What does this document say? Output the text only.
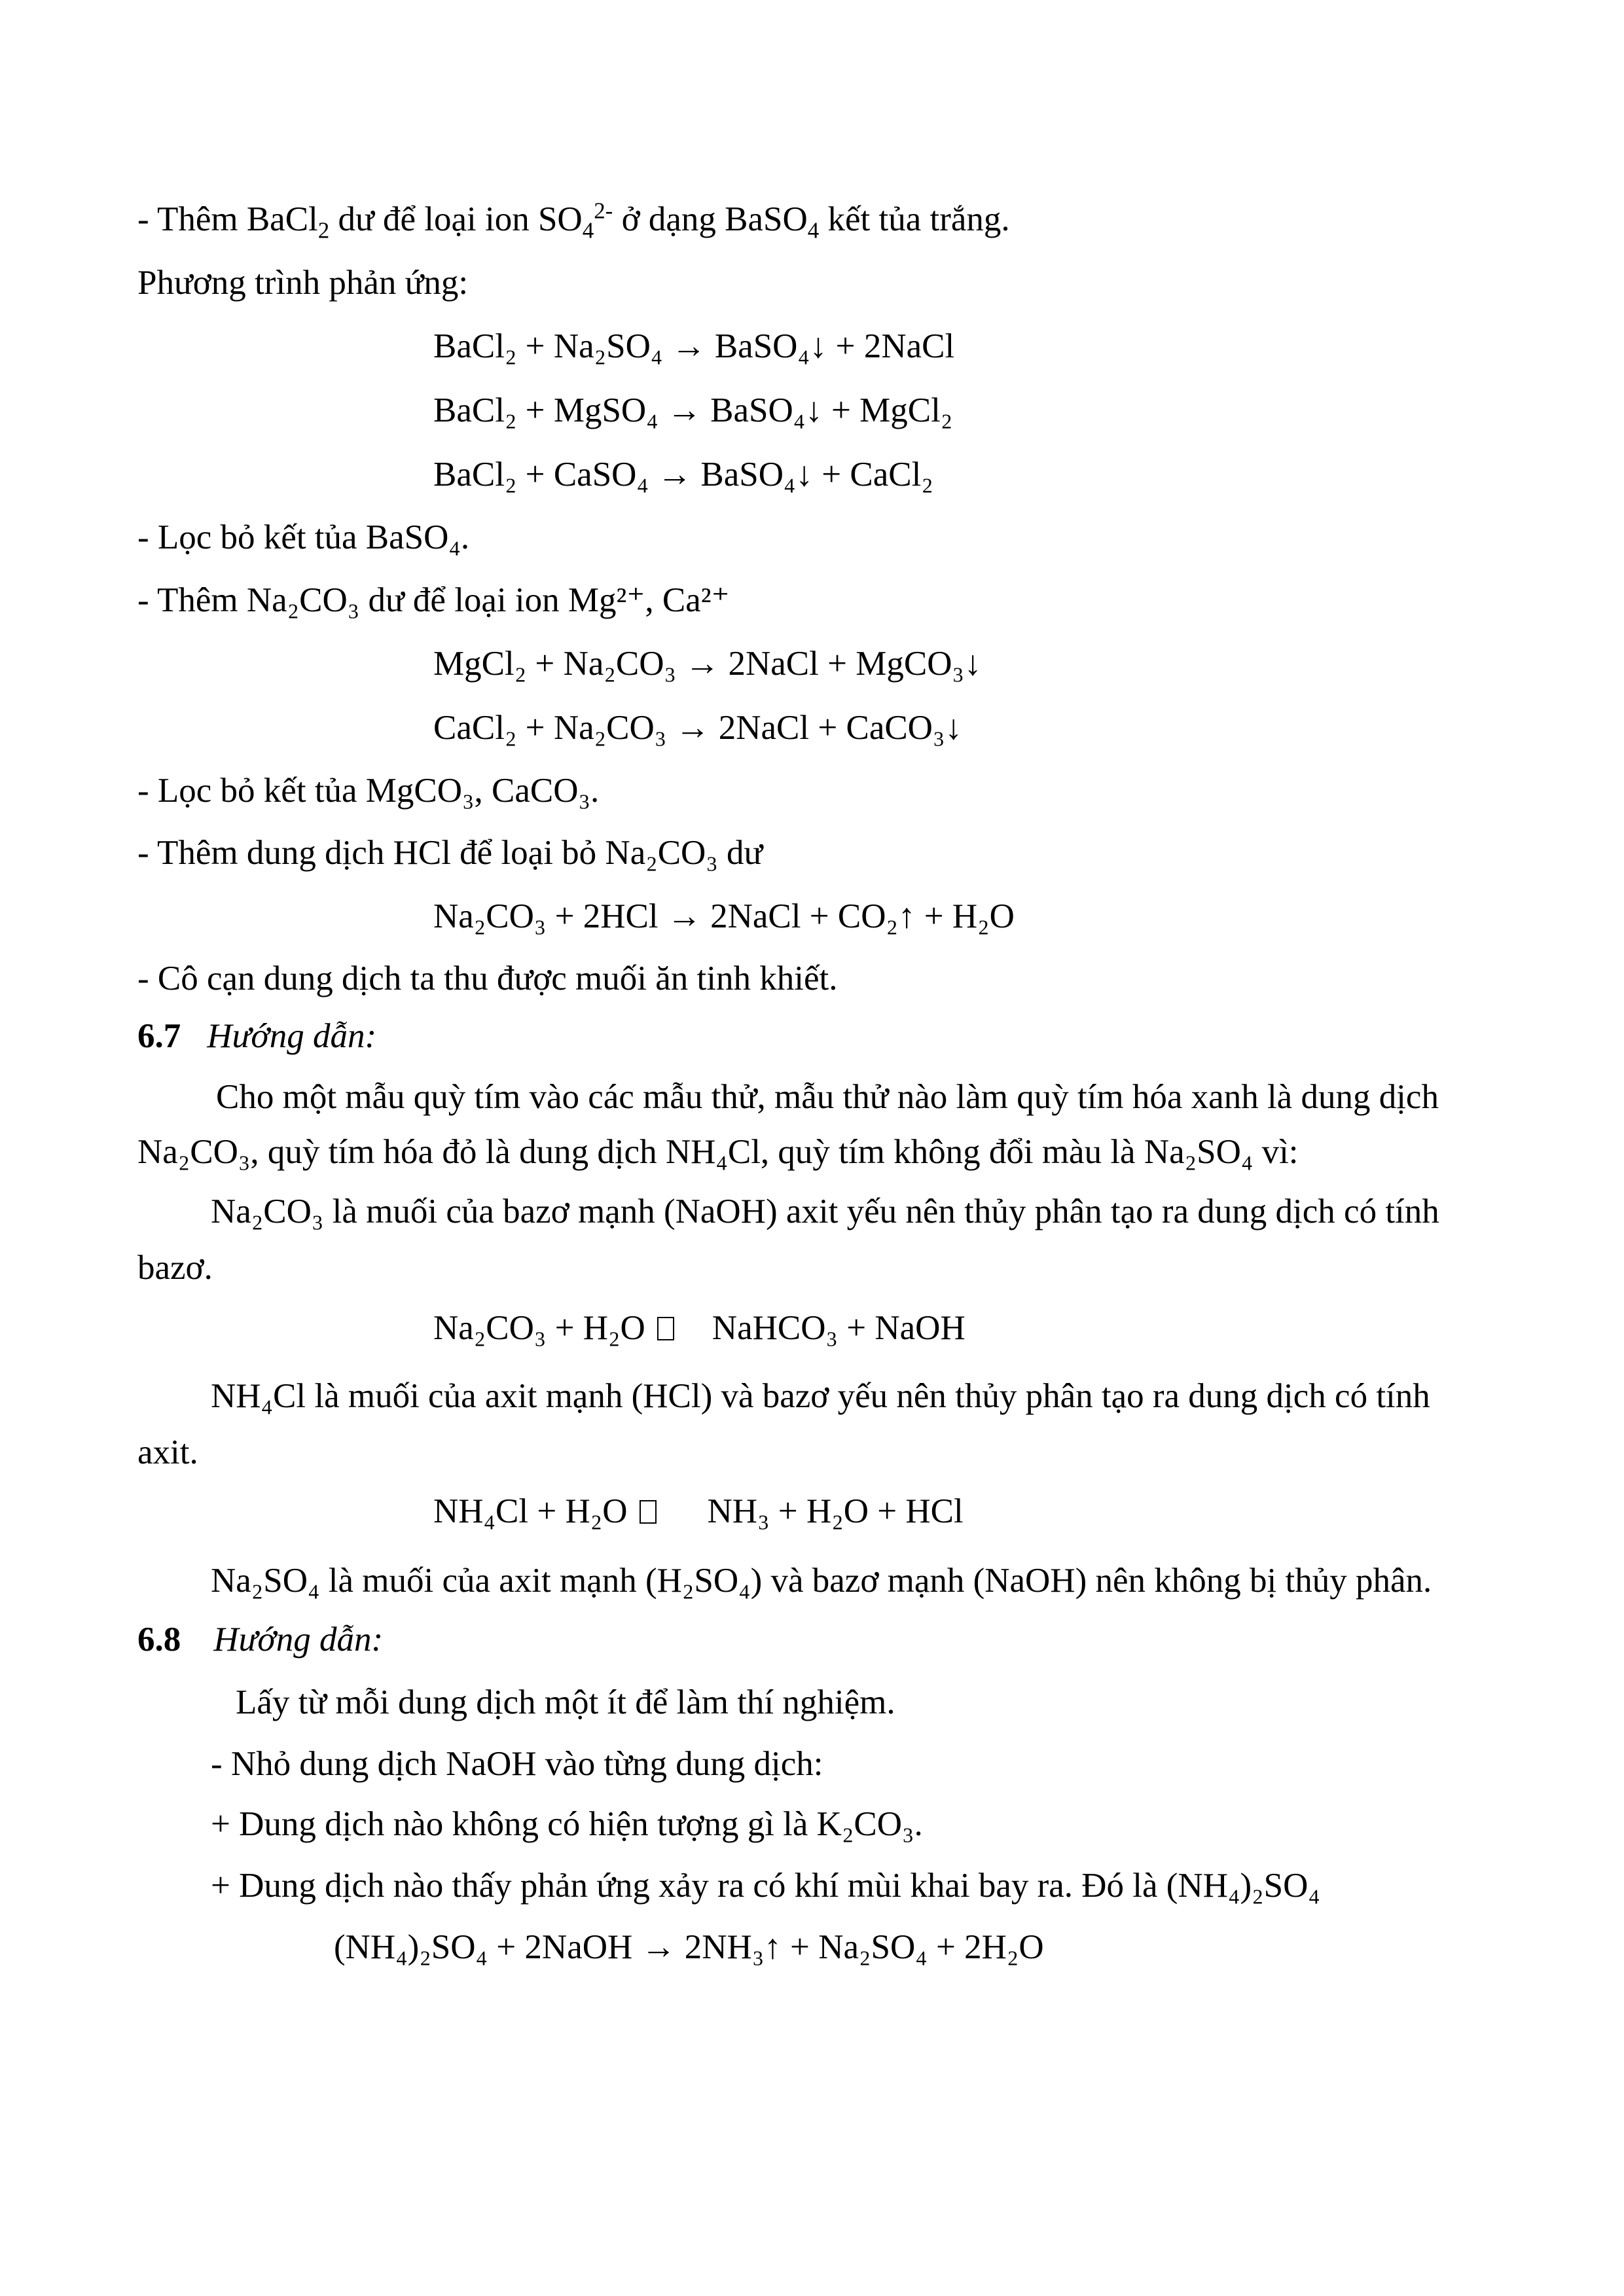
- Thêm BaCl$_2$ dư để loại ion $SO_4^{2-}$ ở dạng BaSO$_4$ kết tủa trắng.
Phương trình phản ứng:
BaCl₂ + Na₂SO₄ → BaSO₄↓ + 2NaCl
BaCl₂ + MgSO₄ → BaSO₄↓ + MgCl₂
BaCl₂ + CaSO₄ → BaSO₄↓ + CaCl₂
- Lọc bỏ kết tủa BaSO₄.
- Thêm Na₂CO₃ dư để loại ion Mg²⁺, Ca²⁺
MgCl₂ + Na₂CO₃ → 2NaCl + MgCO₃↓
CaCl₂ + Na₂CO₃ → 2NaCl + CaCO₃↓
- Lọc bỏ kết tủa MgCO₃, CaCO₃.
- Thêm dung dịch HCl để loại bỏ Na₂CO₃ dư
Na₂CO₃ + 2HCl → 2NaCl + CO₂↑ + H₂O
- Cô cạn dung dịch ta thu được muối ăn tinh khiết.
6.7 Hướng dẫn:
Cho một mẫu quỳ tím vào các mẫu thử, mẫu thử nào làm quỳ tím hóa xanh là dung dịch
Na₂CO₃, quỳ tím hóa đỏ là dung dịch NH₄Cl, quỳ tím không đổi màu là Na₂SO₄ vì:
Na₂CO₃ là muối của bazơ mạnh (NaOH) axit yếu nên thủy phân tạo ra dung dịch có tính
bazơ.
Na₂CO₃ + H₂O NaHCO₃ + NaOH
NH₄Cl là muối của axit mạnh (HCl) và bazơ yếu nên thủy phân tạo ra dung dịch có tính
axit.
NH₄Cl + H₂O NH₃ + H₂O + HCl
Na₂SO₄ là muối của axit mạnh (H₂SO₄) và bazơ mạnh (NaOH) nên không bị thủy phân.
6.8 Hướng dẫn:
Lấy từ mỗi dung dịch một ít để làm thí nghiệm.
- Nhỏ dung dịch NaOH vào từng dung dịch:
+ Dung dịch nào không có hiện tượng gì là K₂CO₃.
+ Dung dịch nào thấy phản ứng xảy ra có khí mùi khai bay ra. Đó là (NH₄)₂SO₄
(NH₄)₂SO₄ + 2NaOH → 2NH₃↑ + Na₂SO₄ + 2H₂O
